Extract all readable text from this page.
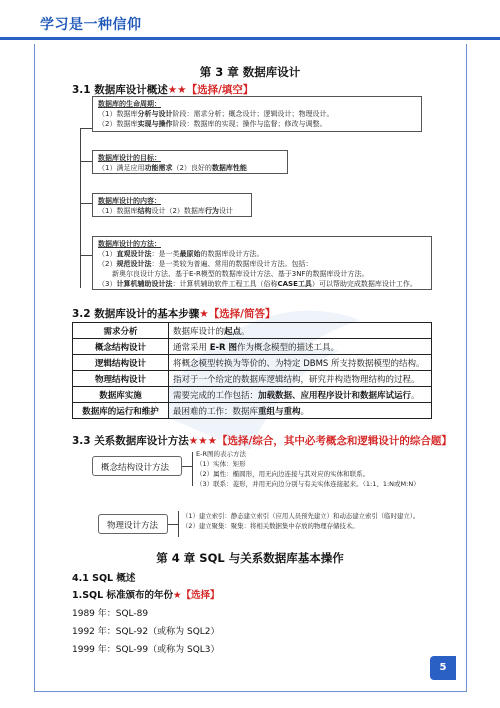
学习是一种信仰
第 3 章 数据库设计
3.1 数据库设计概述★★【选择/填空】
数据库的生命周期：
（1）数据库分析与设计阶段：需求分析；概念设计；逻辑设计；物理设计。
（2）数据库实现与操作阶段：数据库的实现；操作与监督；修改与调整。
数据库设计的目标：
（1）满足应用功能需求（2）良好的数据库性能
数据库设计的内容：
（1）数据库结构设计（2）数据库行为设计
数据库设计的方法：
（1）直观设计法：是一类最原始的数据库设计方法。
（2）规范设计法：是一类较为普遍、常用的数据库设计方法。包括：
新奥尔良设计方法、基于E-R模型的数据库设计方法、基于3NF的数据库设计方法。
（3）计算机辅助设计法：计算机辅助软件工程工具（俗称CASE工具）可以帮助完成数据库设计工作。
3.2 数据库设计的基本步骤★【选择/简答】
需求分析	数据库设计的起点。
概念结构设计	通常采用 E-R 图作为概念模型的描述工具。
逻辑结构设计	将概念模型转换为等价的、为特定 DBMS 所支持数据模型的结构。
物理结构设计	指对于一个给定的数据库逻辑结构，研究并构造物理结构的过程。
数据库实施	需要完成的工作包括：加载数据、应用程序设计和数据库试运行。
数据库的运行和维护	最困难的工作：数据库重组与重构。
3.3 关系数据库设计方法★★★【选择/综合，其中必考概念和逻辑设计的综合题】
概念结构设计方法
E-R图的表示方法
（1）实体：矩形
（2）属性：椭圆形，用无向边连接与其对应的实体和联系。
（3）联系：菱形，并用无向边分别与有关实体连接起来。（1:1、1:N或M:N）
物理设计方法
（1）建立索引：静态建立索引（应用人员预先建立）和动态建立索引（临时建立）。
（2）建立聚集：聚集：将相关数据集中存放的物理存储技术。
第 4 章 SQL 与关系数据库基本操作
4.1 SQL 概述
1.SQL 标准颁布的年份★【选择】
1989 年：SQL-89
1992 年：SQL-92（或称为 SQL2）
1999 年：SQL-99（或称为 SQL3）
5
